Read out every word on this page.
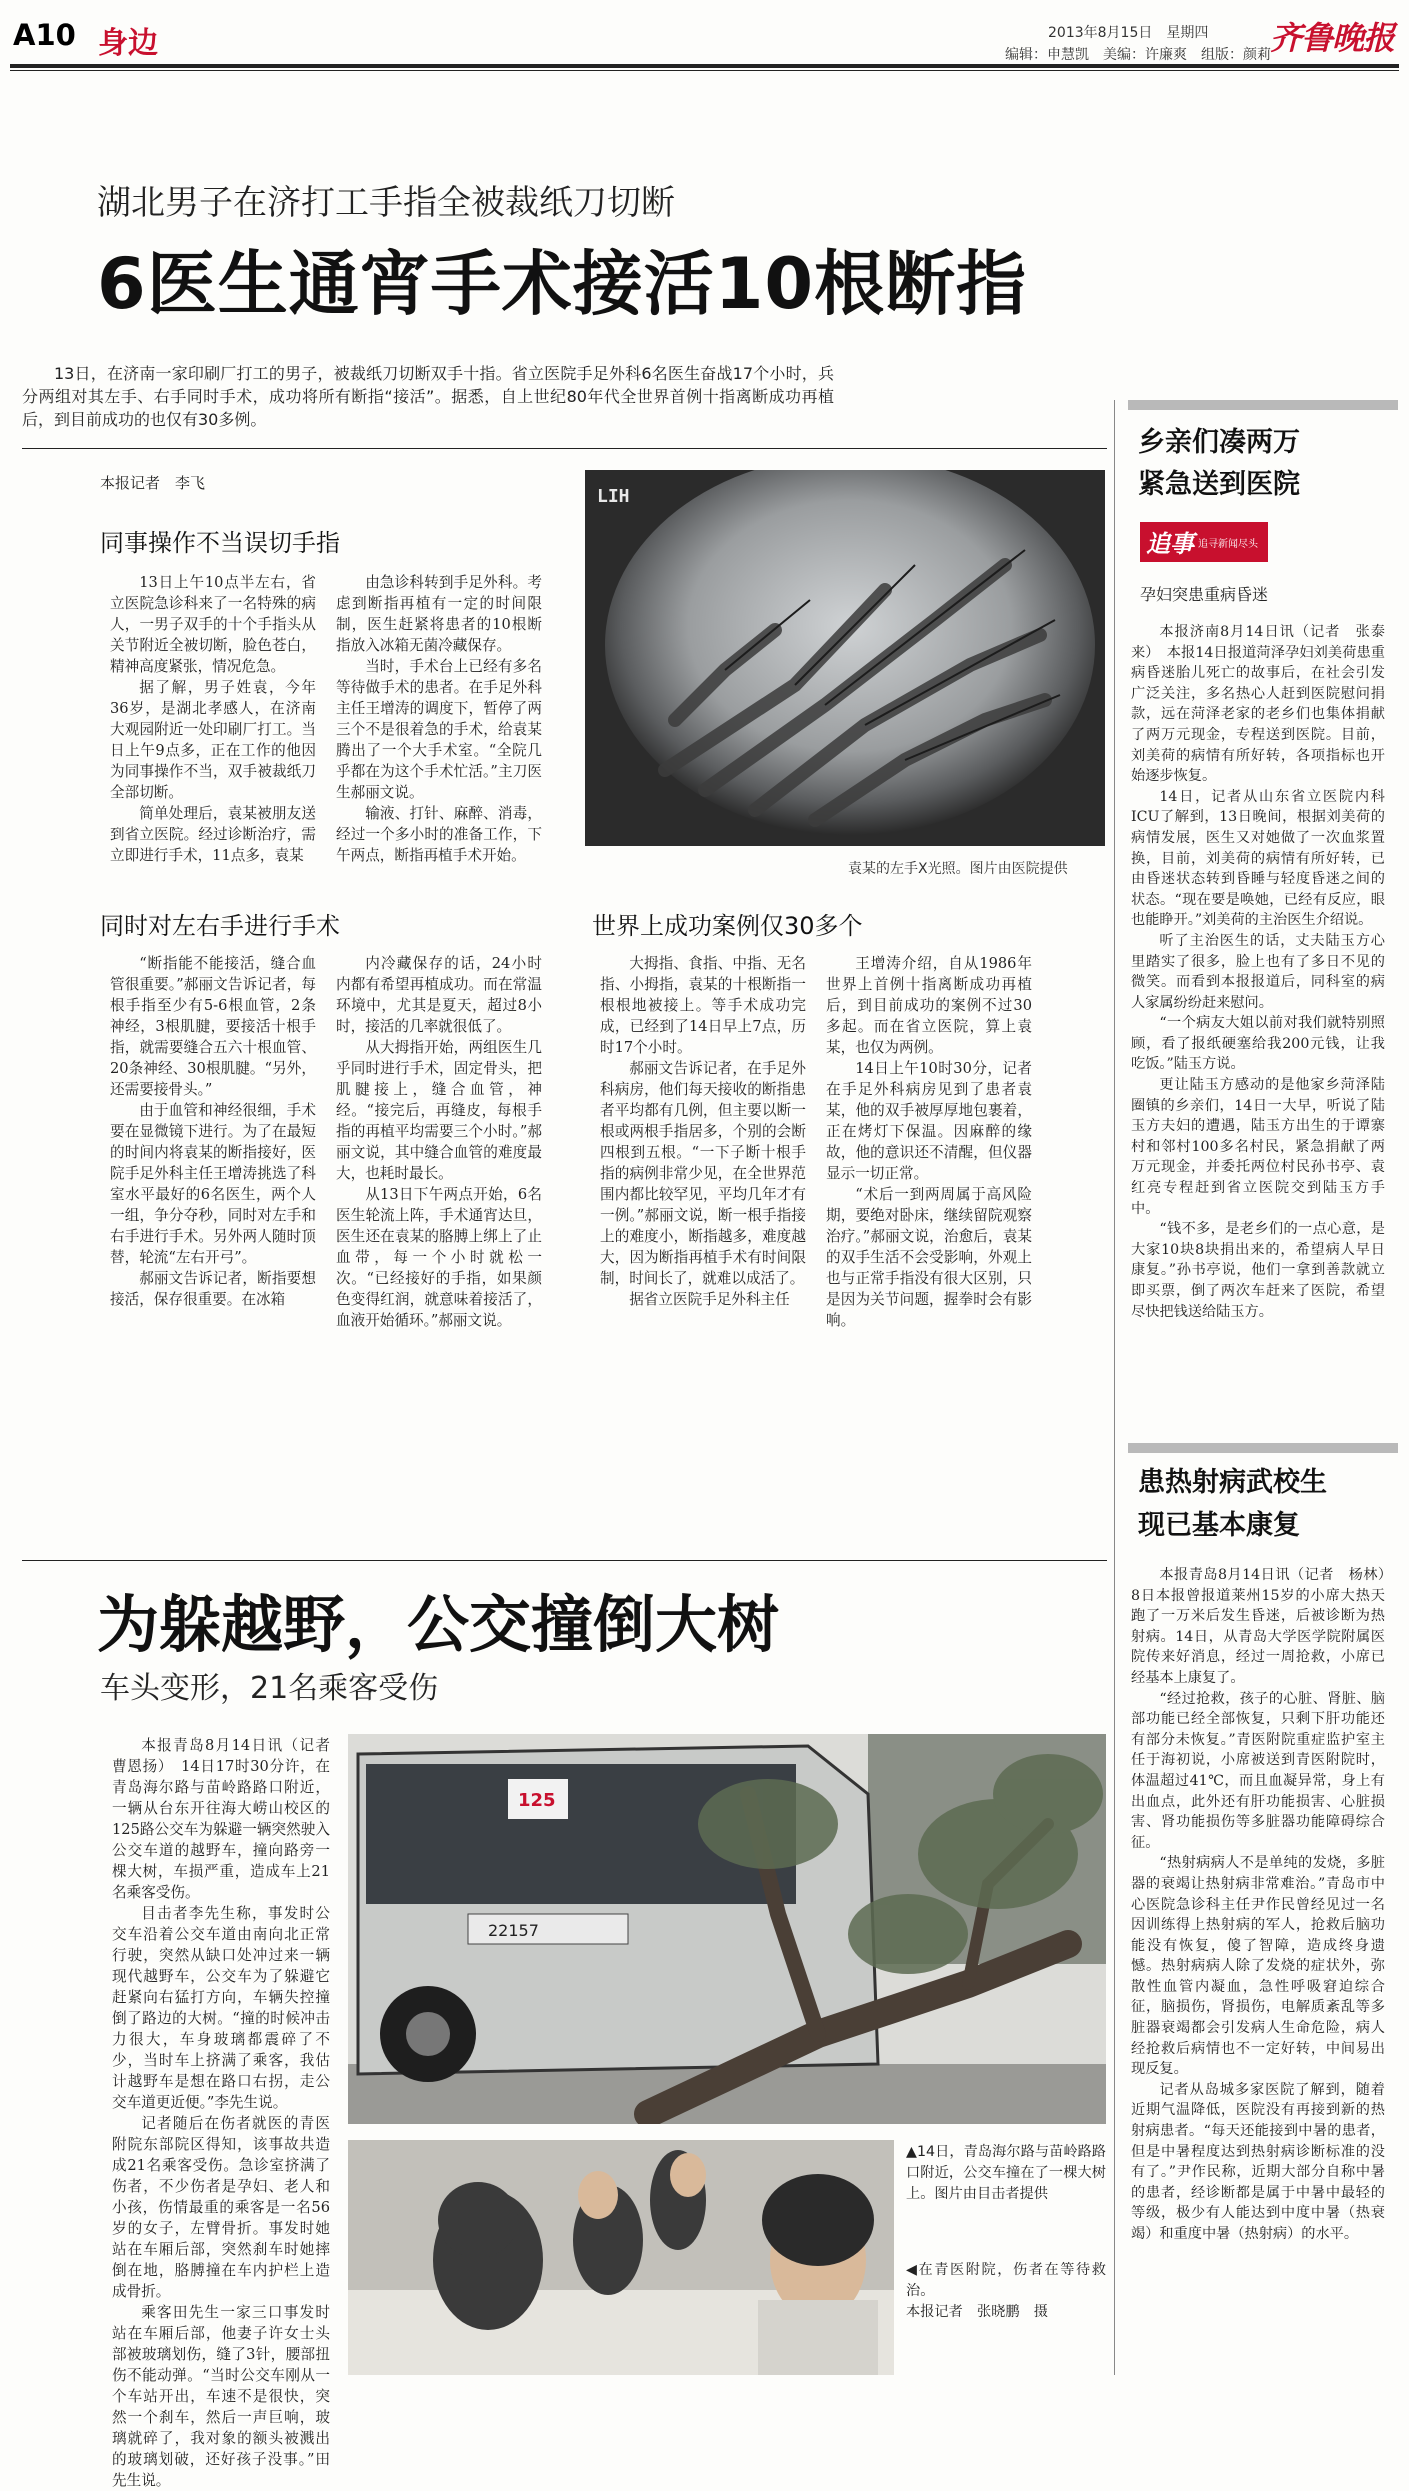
A10 身边	2013年8月15日　星期四 齐鲁晚报
编辑：申慧凯　美编：许廉爽　组版：颜莉
湖北男子在济打工手指全被裁纸刀切断
6医生通宵手术接活10根断指

13日，在济南一家印刷厂打工的男子，被裁纸刀切断双手十指。省立医院手足外科6名医生奋战17个小时，兵分两组对其左手、右手同时手术，成功将所有断指“接活”。据悉，自上世纪80年代全世界首例十指离断成功再植后，到目前成功的也仅有30多例。

本报记者　李飞
同事操作不当误切手指

13日上午10点半左右，省立医院急诊科来了一名特殊的病人，一男子双手的十个手指头从关节附近全被切断，脸色苍白，精神高度紧张，情况危急。

据了解，男子姓袁，今年36岁，是湖北孝感人，在济南大观园附近一处印刷厂打工。当日上午9点多，正在工作的他因为同事操作不当，双手被裁纸刀全部切断。

简单处理后，袁某被朋友送到省立医院。经过诊断治疗，需立即进行手术，11点多，袁某

由急诊科转到手足外科。考虑到断指再植有一定的时间限制，医生赶紧将患者的10根断指放入冰箱无菌冷藏保存。

当时，手术台上已经有多名等待做手术的患者。在手足外科主任王增涛的调度下，暂停了两三个不是很着急的手术，给袁某腾出了一个大手术室。“全院几乎都在为这个手术忙活。”主刀医生郝丽文说。

输液、打针、麻醉、消毒，经过一个多小时的准备工作，下午两点，断指再植手术开始。

LIH
袁某的左手X光照。图片由医院提供
同时对左右手进行手术

“断指能不能接活，缝合血管很重要。”郝丽文告诉记者，每根手指至少有5-6根血管，2条神经，3根肌腱，要接活十根手指，就需要缝合五六十根血管、20条神经、30根肌腱。“另外，还需要接骨头。”

由于血管和神经很细，手术要在显微镜下进行。为了在最短的时间内将袁某的断指接好，医院手足外科主任王增涛挑选了科室水平最好的6名医生，两个人一组，争分夺秒，同时对左手和右手进行手术。另外两人随时顶替，轮流“左右开弓”。

郝丽文告诉记者，断指要想接活，保存很重要。在冰箱

内冷藏保存的话，24小时内都有希望再植成功。而在常温环境中，尤其是夏天，超过8小时，接活的几率就很低了。

从大拇指开始，两组医生几乎同时进行手术，固定骨头，把肌腱接上，缝合血管，神经。“接完后，再缝皮，每根手指的再植平均需要三个小时。”郝丽文说，其中缝合血管的难度最大，也耗时最长。

从13日下午两点开始，6名医生轮流上阵，手术通宵达旦，医生还在袁某的胳膊上绑上了止血带，每一个小时就松一次。“已经接好的手指，如果颜色变得红润，就意味着接活了，血液开始循环。”郝丽文说。

世界上成功案例仅30多个

大拇指、食指、中指、无名指、小拇指，袁某的十根断指一根根地被接上。等手术成功完成，已经到了14日早上7点，历时17个小时。

郝丽文告诉记者，在手足外科病房，他们每天接收的断指患者平均都有几例，但主要以断一根或两根手指居多，个别的会断四根到五根。“一下子断十根手指的病例非常少见，在全世界范围内都比较罕见，平均几年才有一例。”郝丽文说，断一根手指接上的难度小，断指越多，难度越大，因为断指再植手术有时间限制，时间长了，就难以成活了。

据省立医院手足外科主任

王增涛介绍，自从1986年世界上首例十指离断成功再植后，到目前成功的案例不过30多起。而在省立医院，算上袁某，也仅为两例。

14日上午10时30分，记者在手足外科病房见到了患者袁某，他的双手被厚厚地包裹着，正在烤灯下保温。因麻醉的缘故，他的意识还不清醒，但仪器显示一切正常。

“术后一到两周属于高风险期，要绝对卧床，继续留院观察治疗。”郝丽文说，治愈后，袁某的双手生活不会受影响，外观上也与正常手指没有很大区别，只是因为关节问题，握拳时会有影响。

乡亲们凑两万
紧急送到医院
追事 追寻新闻尽头
孕妇突患重病昏迷

本报济南8月14日讯（记者　张泰来）　本报14日报道菏泽孕妇刘美荷患重病昏迷胎儿死亡的故事后，在社会引发广泛关注，多名热心人赶到医院慰问捐款，远在菏泽老家的老乡们也集体捐献了两万元现金，专程送到医院。目前，刘美荷的病情有所好转，各项指标也开始逐步恢复。

14日，记者从山东省立医院内科ICU了解到，13日晚间，根据刘美荷的病情发展，医生又对她做了一次血浆置换，目前，刘美荷的病情有所好转，已由昏迷状态转到昏睡与轻度昏迷之间的状态。“现在要是唤她，已经有反应，眼也能睁开。”刘美荷的主治医生介绍说。

听了主治医生的话，丈夫陆玉方心里踏实了很多，脸上也有了多日不见的微笑。而看到本报报道后，同科室的病人家属纷纷赶来慰问。

“一个病友大姐以前对我们就特别照顾，看了报纸硬塞给我200元钱，让我吃饭。”陆玉方说。

更让陆玉方感动的是他家乡菏泽陆圈镇的乡亲们，14日一大早，听说了陆玉方夫妇的遭遇，陆玉方出生的于谭寨村和邻村100多名村民，紧急捐献了两万元现金，并委托两位村民孙书亭、袁红亮专程赶到省立医院交到陆玉方手中。

“钱不多，是老乡们的一点心意，是大家10块8块捐出来的，希望病人早日康复。”孙书亭说，他们一拿到善款就立即买票，倒了两次车赶来了医院，希望尽快把钱送给陆玉方。

为躲越野，公交撞倒大树
车头变形，21名乘客受伤

本报青岛8月14日讯（记者　曹恩扬）　14日17时30分许，在青岛海尔路与苗岭路路口附近，一辆从台东开往海大崂山校区的125路公交车为躲避一辆突然驶入公交车道的越野车，撞向路旁一棵大树，车损严重，造成车上21名乘客受伤。

目击者李先生称，事发时公交车沿着公交车道由南向北正常行驶，突然从缺口处冲过来一辆现代越野车，公交车为了躲避它赶紧向右猛打方向，车辆失控撞倒了路边的大树。“撞的时候冲击力很大，车身玻璃都震碎了不少，当时车上挤满了乘客，我估计越野车是想在路口右拐，走公交车道更近便。”李先生说。

记者随后在伤者就医的青医附院东部院区得知，该事故共造成21名乘客受伤。急诊室挤满了伤者，不少伤者是孕妇、老人和小孩，伤情最重的乘客是一名56岁的女子，左臂骨折。事发时她站在车厢后部，突然刹车时她摔倒在地，胳膊撞在车内护栏上造成骨折。

乘客田先生一家三口事发时站在车厢后部，他妻子许女士头部被玻璃划伤，缝了3针，腰部扭伤不能动弹。“当时公交车刚从一个车站开出，车速不是很快，突然一个刹车，然后一声巨响，玻璃就碎了，我对象的额头被溅出的玻璃划破，还好孩子没事。”田先生说。

125
22157

▲14日，青岛海尔路与苗岭路路口附近，公交车撞在了一棵大树上。图片由目击者提供

◀在青医附院，伤者在等待救治。

本报记者　张晓鹏　摄

患热射病武校生
现已基本康复

本报青岛8月14日讯（记者　杨林）　8日本报曾报道莱州15岁的小席大热天跑了一万米后发生昏迷，后被诊断为热射病。14日，从青岛大学医学院附属医院传来好消息，经过一周抢救，小席已经基本上康复了。

“经过抢救，孩子的心脏、肾脏、脑部功能已经全部恢复，只剩下肝功能还有部分未恢复。”青医附院重症监护室主任于海初说，小席被送到青医附院时，体温超过41℃，而且血凝异常，身上有出血点，此外还有肝功能损害、心脏损害、肾功能损伤等多脏器功能障碍综合征。

“热射病病人不是单纯的发烧，多脏器的衰竭让热射病非常难治。”青岛市中心医院急诊科主任尹作民曾经见过一名因训练得上热射病的军人，抢救后脑功能没有恢复，傻了智障，造成终身遗憾。热射病病人除了发烧的症状外，弥散性血管内凝血，急性呼吸窘迫综合征，脑损伤，肾损伤，电解质紊乱等多脏器衰竭都会引发病人生命危险，病人经抢救后病情也不一定好转，中间易出现反复。

记者从岛城多家医院了解到，随着近期气温降低，医院没有再接到新的热射病患者。“每天还能接到中暑的患者，但是中暑程度达到热射病诊断标准的没有了。”尹作民称，近期大部分自称中暑的患者，经诊断都是属于中暑中最轻的等级，极少有人能达到中度中暑（热衰竭）和重度中暑（热射病）的水平。
